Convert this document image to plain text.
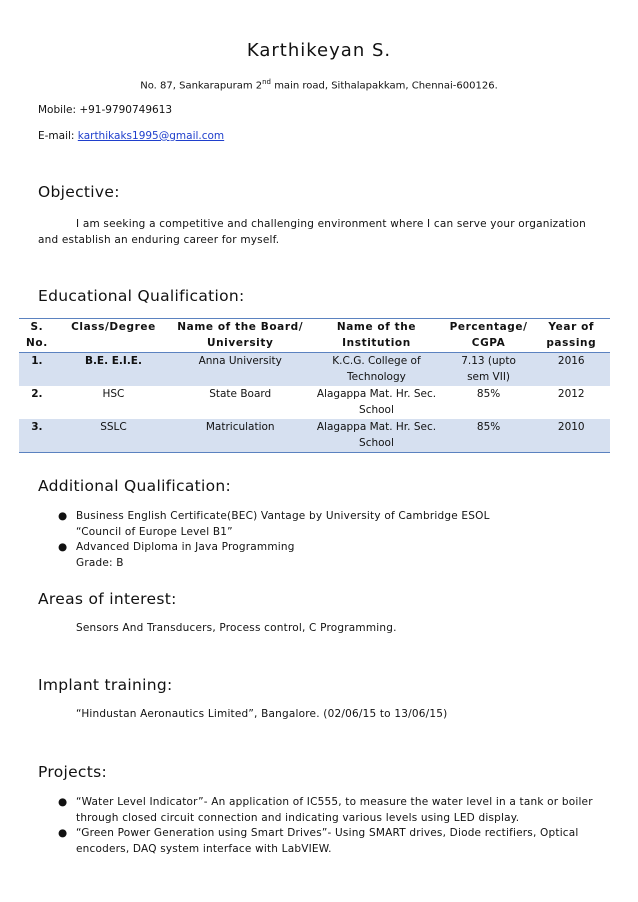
Karthikeyan S.
No. 87, Sankarapuram 2nd main road, Sithalapakkam, Chennai-600126.
Mobile: +91-9790749613
E-mail: karthikaks1995@gmail.com
Objective:
I am seeking a competitive and challenging environment where I can serve your organization and establish an enduring career for myself.
Educational Qualification:
S. No.	Class/Degree	Name of the Board/ University	Name of the Institution	Percentage/ CGPA	Year of passing
1.	B.E. E.I.E.	Anna University	K.C.G. College of Technology	7.13 (upto sem VII)	2016
2.	HSC	State Board	Alagappa Mat. Hr. Sec. School	85%	2012
3.	SSLC	Matriculation	Alagappa Mat. Hr. Sec. School	85%	2010
Additional Qualification:
● Business English Certificate(BEC) Vantage by University of Cambridge ESOL
“Council of Europe Level B1”
● Advanced Diploma in Java Programming
Grade: B
Areas of interest:
Sensors And Transducers, Process control, C Programming.
Implant training:
“Hindustan Aeronautics Limited”, Bangalore. (02/06/15 to 13/06/15)
Projects:
● “Water Level Indicator”- An application of IC555, to measure the water level in a tank or boiler through closed circuit connection and indicating various levels using LED display.
● “Green Power Generation using Smart Drives”- Using SMART drives, Diode rectifiers, Optical encoders, DAQ system interface with LabVIEW.
